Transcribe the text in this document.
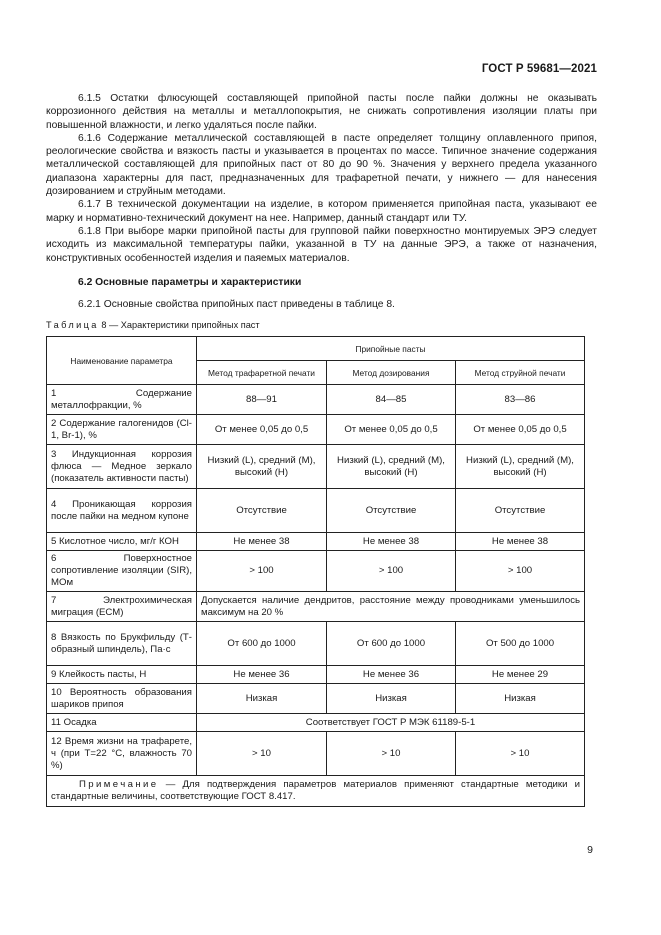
ГОСТ Р 59681—2021

6.1.5 Остатки флюсующей составляющей припойной пасты после пайки должны не оказывать коррозионного действия на металлы и металлопокрытия, не снижать сопротивления изоляции платы при повышенной влажности, и легко удаляться после пайки.

6.1.6 Содержание металлической составляющей в пасте определяет толщину оплавленного припоя, реологические свойства и вязкость пасты и указывается в процентах по массе. Типичное значение содержания металлической составляющей для припойных паст от 80 до 90 %. Значения у верхнего предела указанного диапазона характерны для паст, предназначенных для трафаретной печати, у нижнего — для нанесения дозированием и струйным методами.

6.1.7 В технической документации на изделие, в котором применяется припойная паста, указывают ее марку и нормативно-технический документ на нее. Например, данный стандарт или ТУ.

6.1.8 При выборе марки припойной пасты для групповой пайки поверхностно монтируемых ЭРЭ следует исходить из максимальной температуры пайки, указанной в ТУ на данные ЭРЭ, а также от назначения, конструктивных особенностей изделия и паяемых материалов.

6.2 Основные параметры и характеристики

6.2.1 Основные свойства припойных паст приведены в таблице 8.

Таблица 8 — Характеристики припойных паст
Наименование параметра	Припойные пасты		
	Метод трафаретной печати	Метод дозирования	Метод струйной печати
1 Содержание металлофракции, %	88—91	84—85	83—86
2 Содержание галогенидов (Cl-1, Br-1), %	От менее 0,05 до 0,5	От менее 0,05 до 0,5	От менее 0,05 до 0,5
3 Индукционная коррозия флюса — Медное зеркало (показатель активности пасты)	Низкий (L), средний (M), высокий (H)	Низкий (L), средний (M), высокий (H)	Низкий (L), средний (M), высокий (H)
4 Проникающая коррозия после пайки на медном купоне	Отсутствие	Отсутствие	Отсутствие
5 Кислотное число, мг/г КОН	Не менее 38	Не менее 38	Не менее 38
6 Поверхностное сопротивление изоляции (SIR), МОм	> 100	> 100	> 100
7 Электрохимическая миграция (ЕСМ)	Допускается наличие дендритов, расстояние между проводниками уменьшилось максимум на 20 %		
8 Вязкость по Брукфильду (Т-образный шпиндель), Па·с	От 600 до 1000	От 600 до 1000	От 500 до 1000
9 Клейкость пасты, Н	Не менее 36	Не менее 36	Не менее 29
10 Вероятность образования шариков припоя	Низкая	Низкая	Низкая
11 Осадка	Соответствует ГОСТ Р МЭК 61189-5-1		
12 Время жизни на трафарете, ч (при Т=22 °С, влажность 70 %)	> 10	> 10	> 10
Примечание — Для подтверждения параметров материалов применяют стандартные методики и стандартные величины, соответствующие ГОСТ 8.417.			
9
